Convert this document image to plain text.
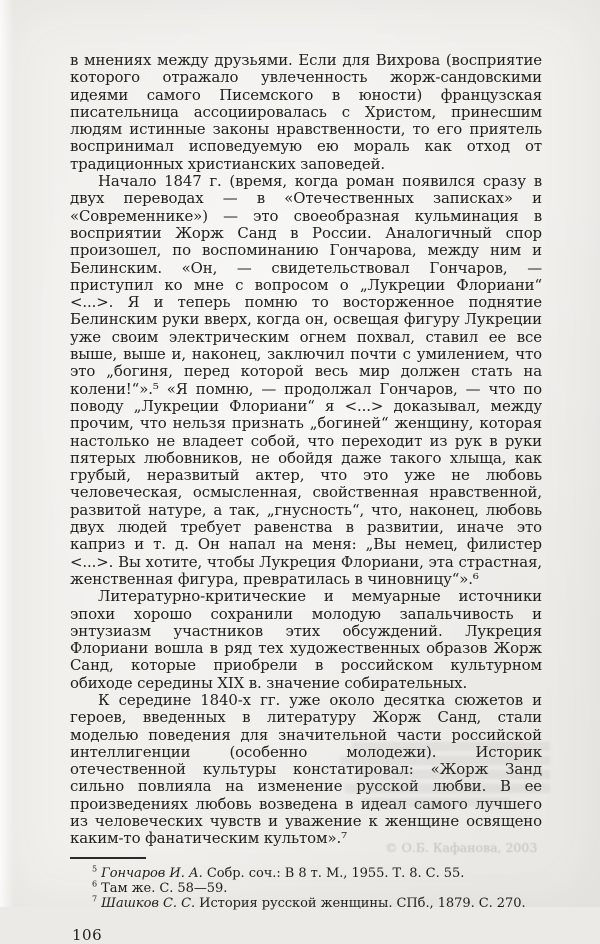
в мнениях между друзьями. Если для Вихрова (восприятие которого отражало увлеченность жорж-сандовскими идеями самого Писемского в юности) французская писательница ассоциировалась с Христом, принесшим людям истинные законы нравственности, то его приятель воспринимал исповедуемую ею мораль как отход от традиционных христианских заповедей.

Начало 1847 г. (время, когда роман появился сразу в двух переводах — в «Отечественных записках» и «Современнике») — это своеобразная кульминация в восприятии Жорж Санд в России. Аналогичный спор произошел, по воспоминанию Гончарова, между ним и Белинским. «Он, — свидетельствовал Гончаров, — приступил ко мне с вопросом о „Лукреции Флориани“ <...>. Я и теперь помню то восторженное поднятие Белинским руки вверх, когда он, освещая фигуру Лукреции уже своим электрическим огнем похвал, ставил ее все выше, выше и, наконец, заключил почти с умилением, что это „богиня, перед которой весь мир должен стать на колени!“».⁵ «Я помню, — продолжал Гончаров, — что по поводу „Лукреции Флориани“ я <...> доказывал, между прочим, что нельзя признать „богиней“ женщину, которая настолько не владеет собой, что переходит из рук в руки пятерых любовников, не обойдя даже такого хлыща, как грубый, неразвитый актер, что это уже не любовь человеческая, осмысленная, свойственная нравственной, развитой натуре, а так, „гнусность“, что, наконец, любовь двух людей требует равенства в развитии, иначе это каприз и т. д. Он напал на меня: „Вы немец, филистер <...>. Вы хотите, чтобы Лукреция Флориани, эта страстная, женственная фигура, превратилась в чиновницу“».⁶

Литературно-критические и мемуарные источники эпохи хорошо сохранили молодую запальчивость и энтузиазм участников этих обсуждений. Лукреция Флориани вошла в ряд тех художественных образов Жорж Санд, которые приобрели в российском культурном обиходе середины XIX в. значение собирательных.

К середине 1840-х гг. уже около десятка сюжетов и героев, введенных в литературу Жорж Санд, стали моделью поведения для значительной части российской интеллигенции (особенно молодежи). Историк отечественной культуры констатировал: «Жорж Занд сильно повлияла на изменение русской любви. В ее произведениях любовь возведена в идеал самого лучшего из человеческих чувств и уважение к женщине освящено каким-то фанатическим культом».⁷

$^5$ Гончаров И. А. Собр. соч.: В 8 т. М., 1955. Т. 8. С. 55.
$^6$ Там же. С. 58—59.
$^7$ Шашков С. С. История русской женщины. СПб., 1879. С. 270.
106
© О.Б. Кафанова, 2003
